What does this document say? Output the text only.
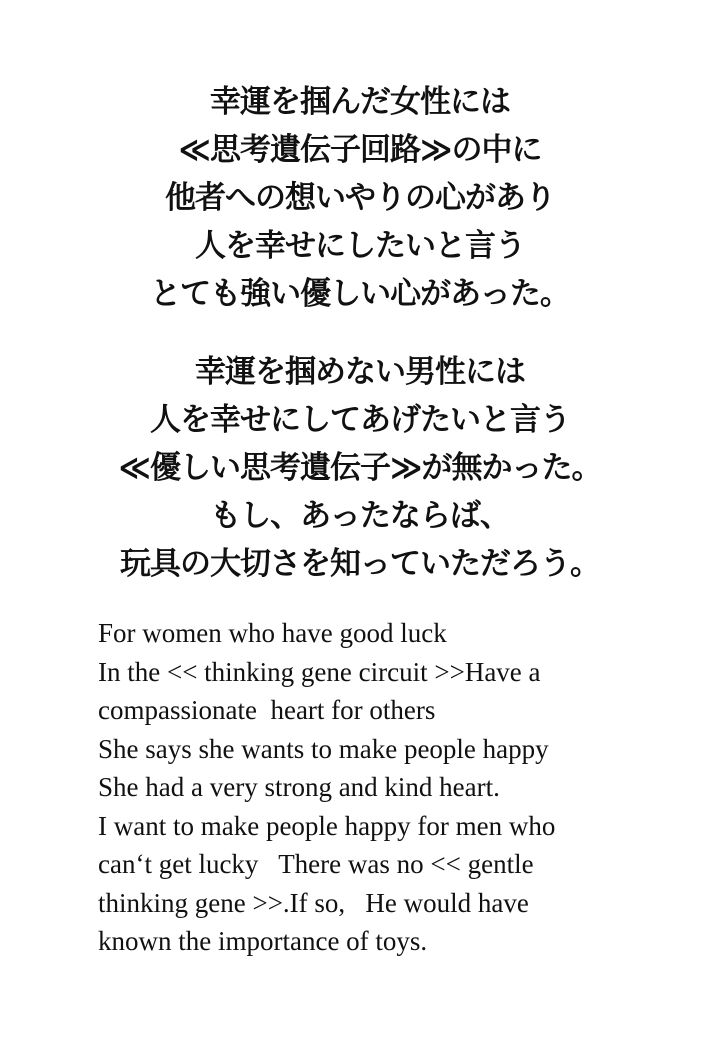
幸運を掴んだ女性には
≪思考遺伝子回路≫の中に
他者への想いやりの心があり
人を幸せにしたいと言う
とても強い優しい心があった。
幸運を掴めない男性には
人を幸せにしてあげたいと言う
≪優しい思考遺伝子≫が無かった。
もし、あったならば、
玩具の大切さを知っていただろう。
For women who have good luck
In the << thinking gene circuit >>Have a
compassionate  heart for others
She says she wants to make people happy
She had a very strong and kind heart.
I want to make people happy for men who
can‘t get lucky   There was no << gentle
thinking gene >>.If so,   He would have
known the importance of toys.
